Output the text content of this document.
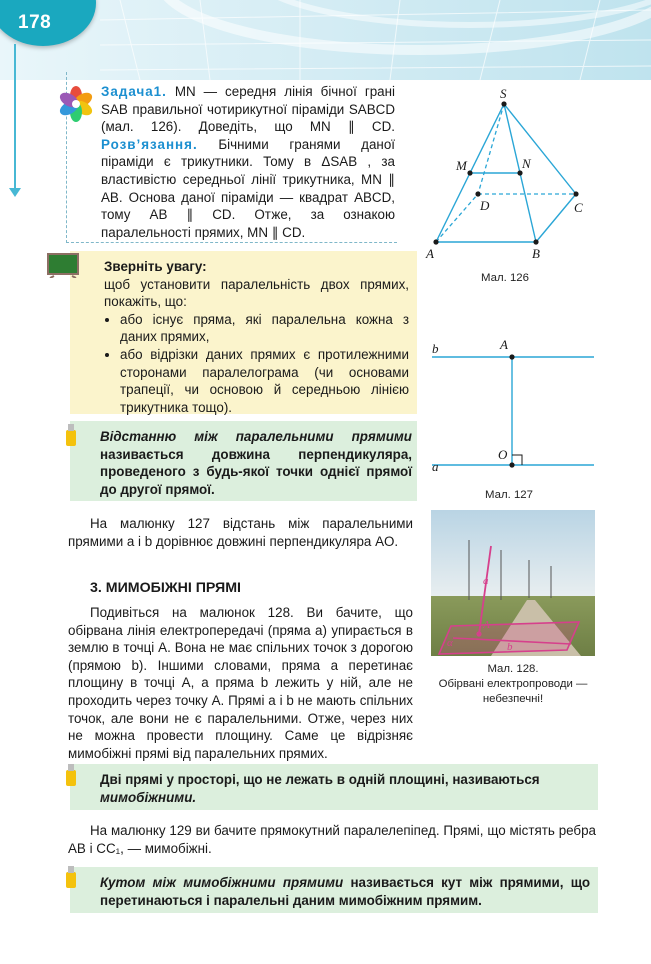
178
Задача1. MN — середня лінія бічної грані SAB правильної чотирикутної піраміди SABCD (мал. 126). Доведіть, що MN ∥ CD. Розв’язання. Бічними гранями даної піраміди є трикутники. Тому в ΔSAB , за властивістю середньої лінії трикутника, MN ∥ AB. Основа даної піраміди — квадрат ABCD, тому AB ∥ CD. Отже, за ознакою паралельності прямих, MN ∥ CD.
S
M	N
D	C
A	B
Мал. 126
Зверніть увагу:
щоб установити паралельність двох прямих, покажіть, що:
• або існує пряма, які паралельна кожна з даних прямих,
• або відрізки даних прямих є протилежними сторонами паралелограма (чи основами трапеції, чи основою й середньою лінією трикутника тощо).
Відстанню між паралельними прямими називається довжина перпендикуляра, проведеного з будь-якої точки однієї прямої до другої прямої.
b	A
O
a
Мал. 127
На малюнку 127 відстань між паралельними прямими a і b дорівнює довжині перпендикуляра AO.
3. МИМОБІЖНІ ПРЯМІ	a
A
b
α
Мал. 128.
Обірвані електропроводи — небезпечні!
Подивіться на малюнок 128. Ви бачите, що обірвана лінія електропередачі (пряма a) упирається в землю в точці A. Вона не має спільних точок з дорогою (прямою b). Іншими словами, пряма a перетинає площину в точці A, а пряма b лежить у ній, але не проходить через точку A. Прямі a і b не мають спільних точок, але вони не є паралельними. Отже, через них не можна провести площину. Саме це відрізняє мимобіжні прямі від паралельних прямих.
Дві прямі у просторі, що не лежать в одній площині, називаються мимобіжними.
На малюнку 129 ви бачите прямокутний паралелепіпед. Прямі, що містять ребра AB і CC₁, — мимобіжні.
Кутом між мимобіжними прямими називається кут між прямими, що перетинаються і паралельні даним мимобіжним прямим.
